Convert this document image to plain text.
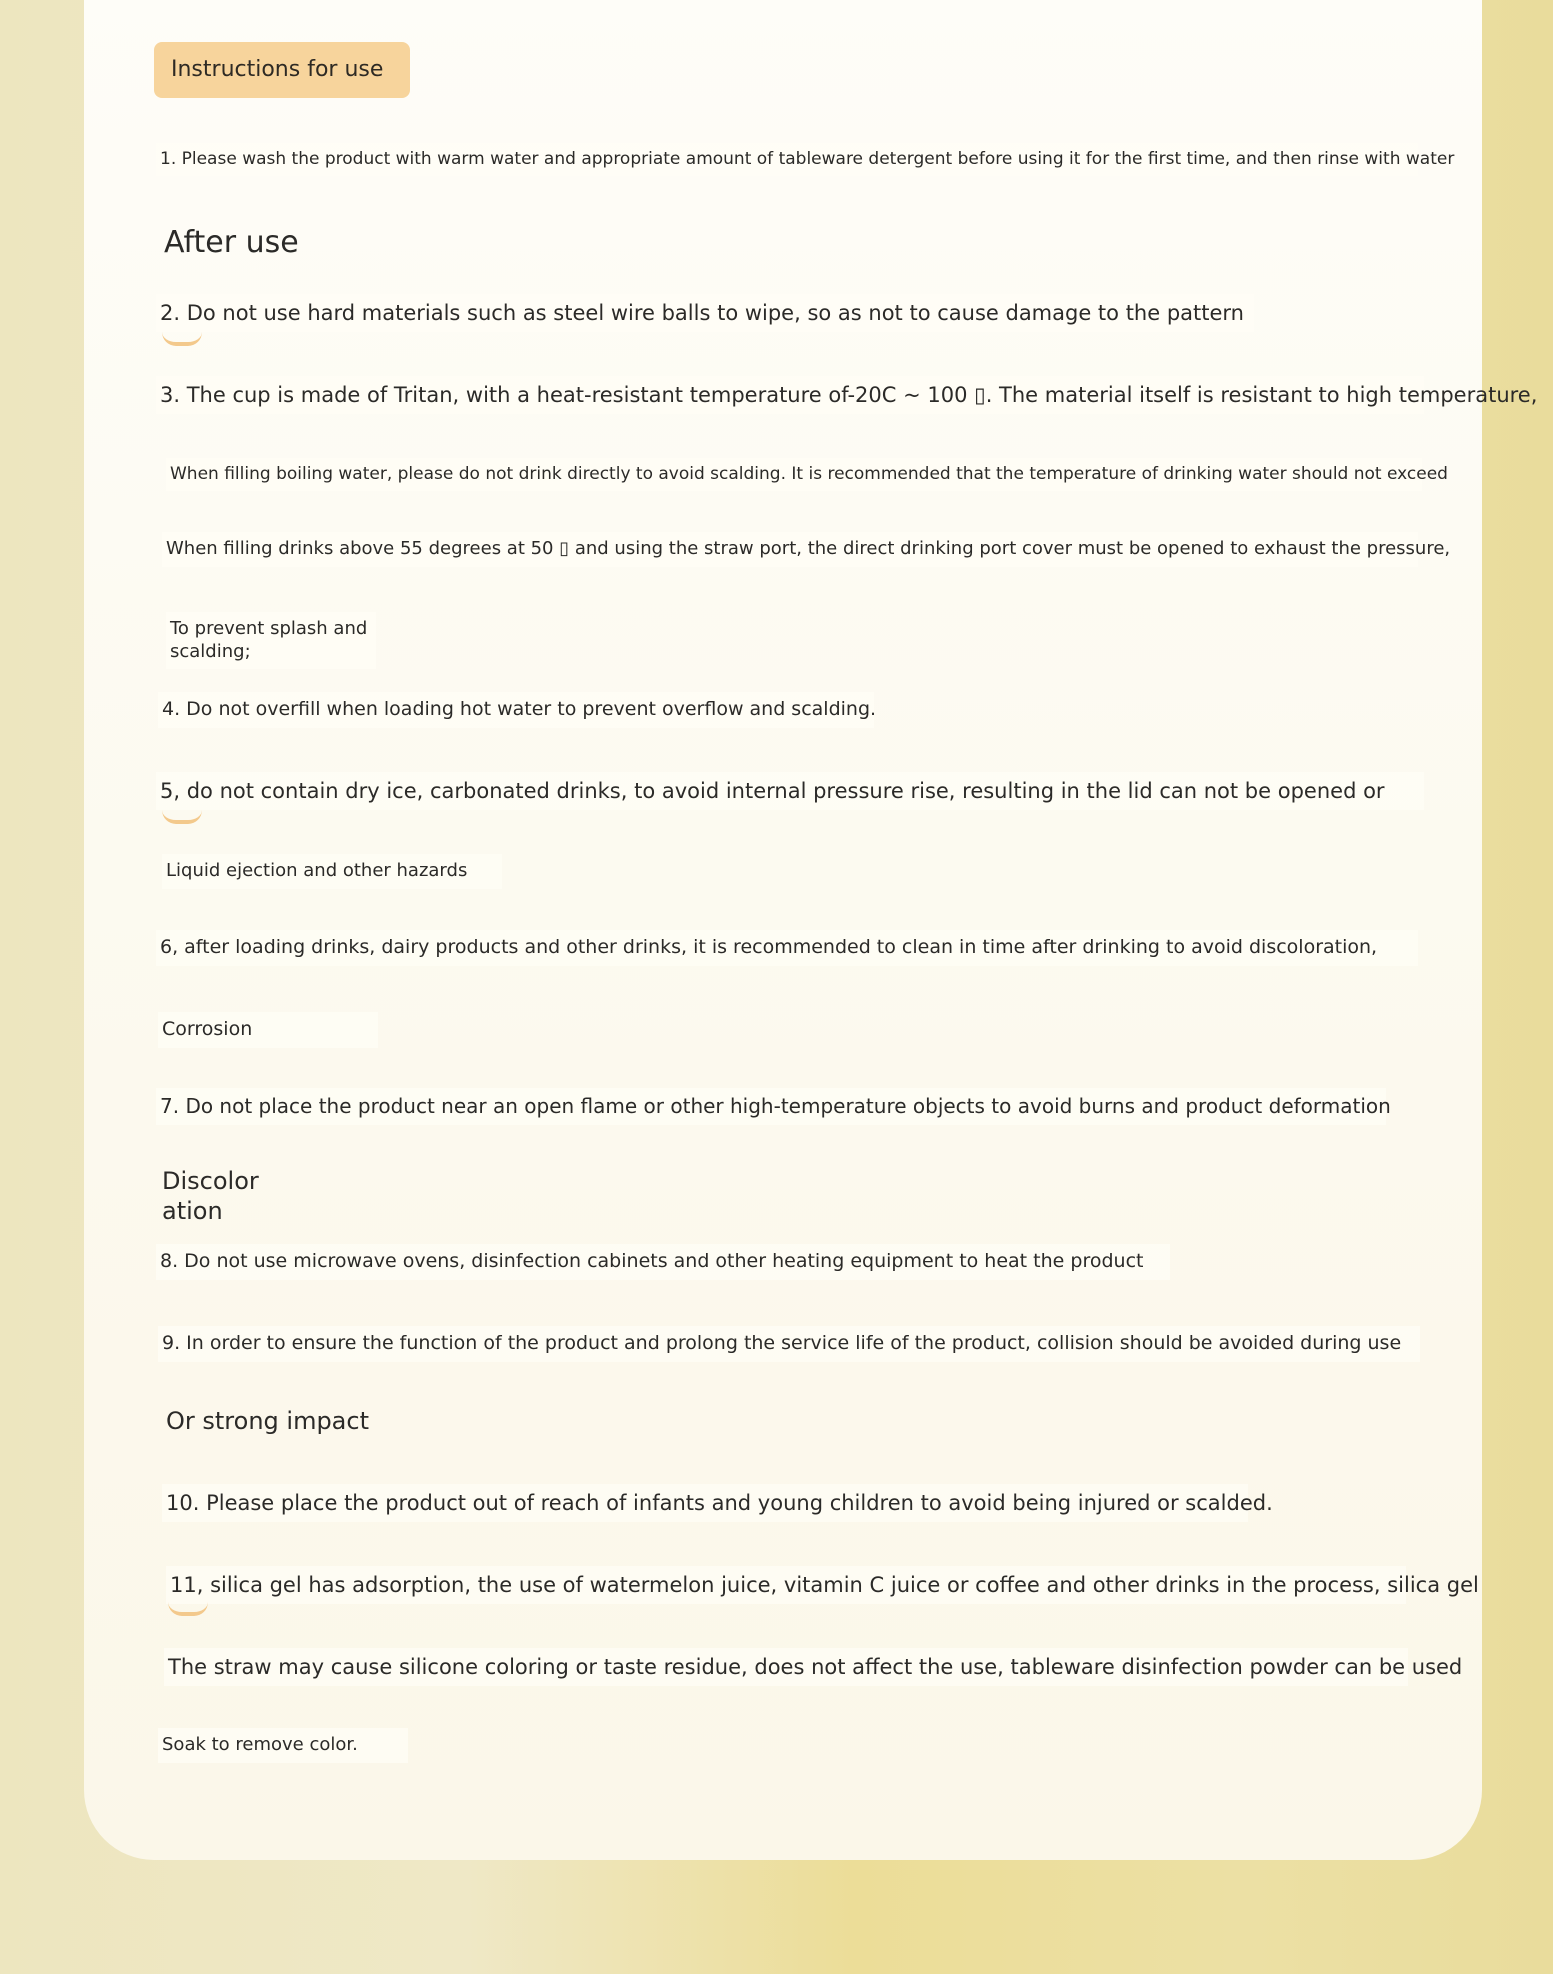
Instructions for use
1. Please wash the product with warm water and appropriate amount of tableware detergent before using it for the first time, and then rinse with water
After use
2. Do not use hard materials such as steel wire balls to wipe, so as not to cause damage to the pattern
3. The cup is made of Tritan, with a heat-resistant temperature of-20C ~ 100 ▯. The material itself is resistant to high temperature,
When filling boiling water, please do not drink directly to avoid scalding. It is recommended that the temperature of drinking water should not exceed
When filling drinks above 55 degrees at 50 ▯ and using the straw port, the direct drinking port cover must be opened to exhaust the pressure,
To prevent splash and scalding;
4. Do not overfill when loading hot water to prevent overflow and scalding.
5, do not contain dry ice, carbonated drinks, to avoid internal pressure rise, resulting in the lid can not be opened or
Liquid ejection and other hazards
6, after loading drinks, dairy products and other drinks, it is recommended to clean in time after drinking to avoid discoloration,
Corrosion
7. Do not place the product near an open flame or other high-temperature objects to avoid burns and product deformation
Discolor ation
8. Do not use microwave ovens, disinfection cabinets and other heating equipment to heat the product
9. In order to ensure the function of the product and prolong the service life of the product, collision should be avoided during use
Or strong impact
10. Please place the product out of reach of infants and young children to avoid being injured or scalded.
11, silica gel has adsorption, the use of watermelon juice, vitamin C juice or coffee and other drinks in the process, silica gel
The straw may cause silicone coloring or taste residue, does not affect the use, tableware disinfection powder can be used
Soak to remove color.
